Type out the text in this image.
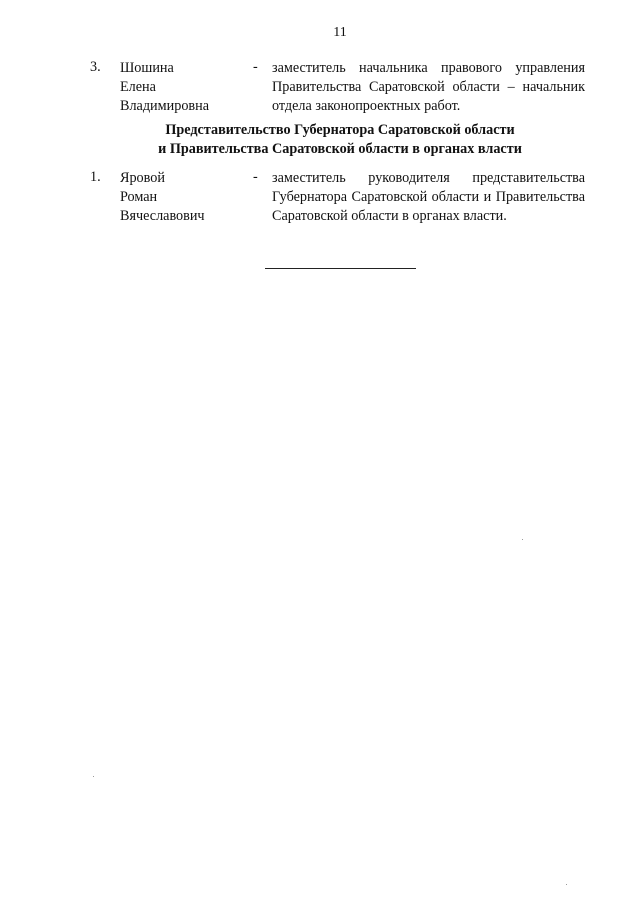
11
3. Шошина
Елена
Владимировна
- заместитель начальника правового управления
Правительства Саратовской области – начальник
отдела законопроектных работ.
Представительство Губернатора Саратовской области
и Правительства Саратовской области в органах власти
1. Яровой
Роман
Вячеславович
- заместитель руководителя представительства
Губернатора Саратовской области и Правительства
Саратовской области в органах власти.
